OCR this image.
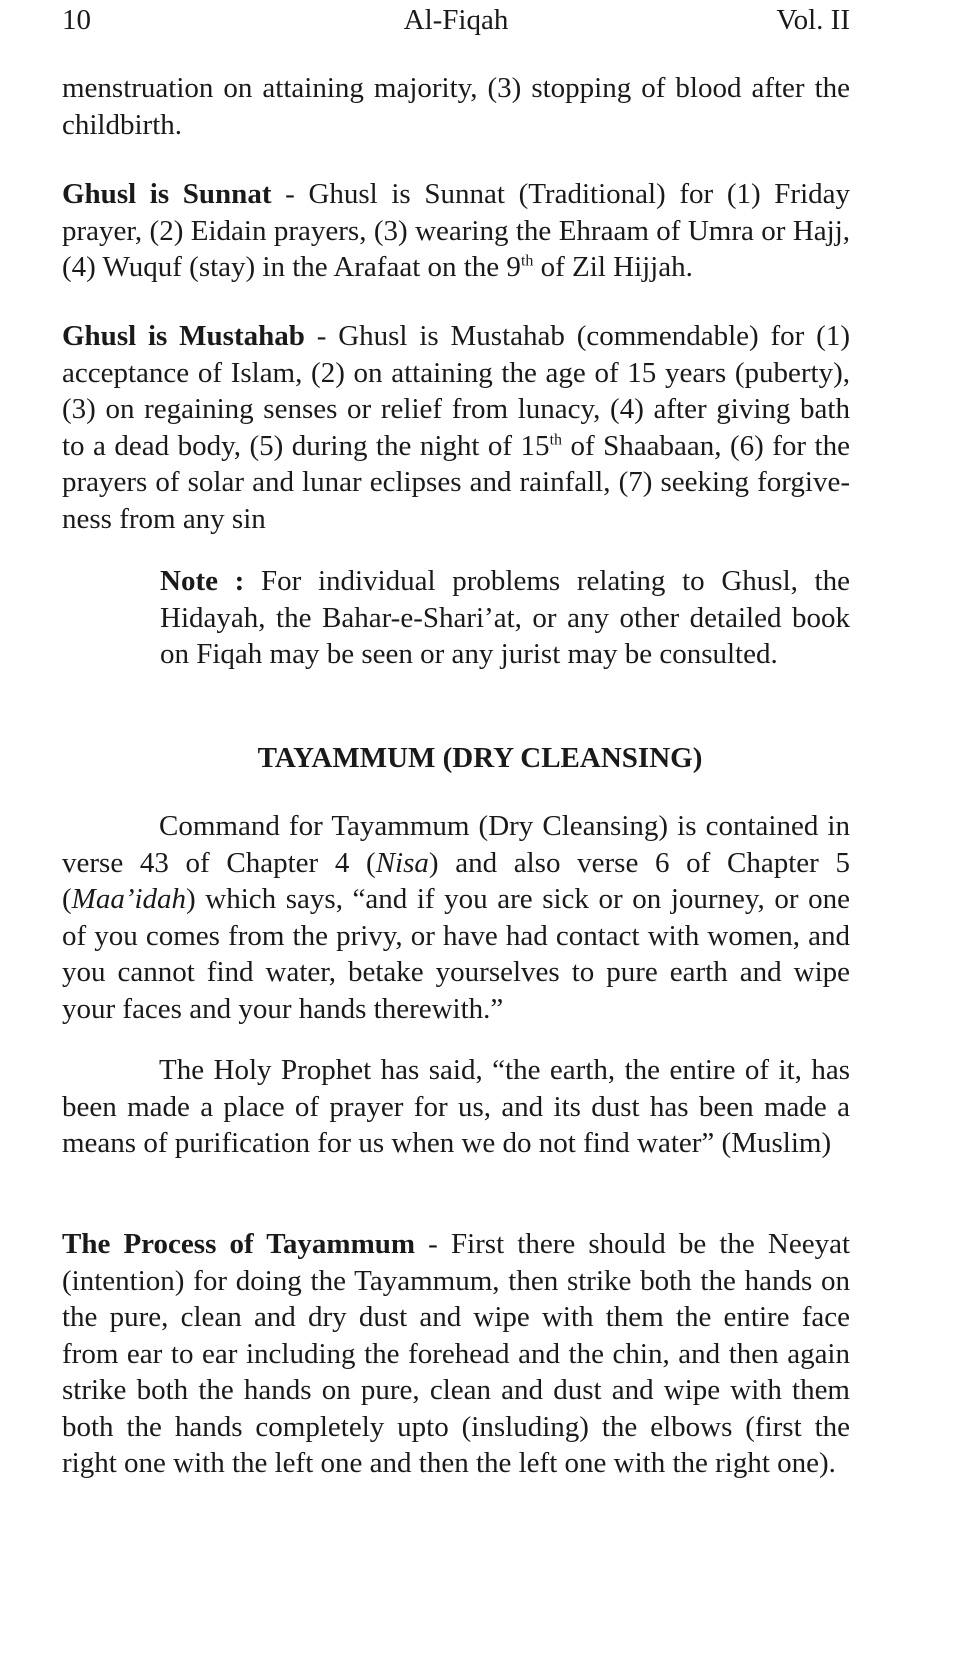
Al-Fiqah
10	Vol. II

menstruation on attaining majority, (3) stopping of blood after the childbirth.

Ghusl is Sunnat - Ghusl is Sunnat (Traditional) for (1) Friday prayer, (2) Eidain prayers, (3) wearing the Ehraam of Umra or Hajj, (4) Wuquf (stay) in the Arafaat on the 9th of Zil Hijjah.

Ghusl is Mustahab - Ghusl is Mustahab (commendable) for (1) acceptance of Islam, (2) on attaining the age of 15 years (puberty), (3) on regaining senses or relief from lunacy, (4) after giving bath to a dead body, (5) during the night of 15th of Shaabaan, (6) for the prayers of solar and lunar eclipses and rainfall, (7) seeking forgive-ness from any sin

Note : For individual problems relating to Ghusl, the Hidayah, the Bahar-e-Shari’at, or any other detailed book on Fiqah may be seen or any jurist may be consulted.

TAYAMMUM (DRY CLEANSING)

Command for Tayammum (Dry Cleansing) is contained in verse 43 of Chapter 4 (Nisa) and also verse 6 of Chapter 5 (Maa’idah) which says, “and if you are sick or on journey, or one of you comes from the privy, or have had contact with women, and you cannot find water, betake yourselves to pure earth and wipe your faces and your hands therewith.”

The Holy Prophet has said, “the earth, the entire of it, has been made a place of prayer for us, and its dust has been made a means of purification for us when we do not find water” (Muslim)

The Process of Tayammum - First there should be the Neeyat (intention) for doing the Tayammum, then strike both the hands on the pure, clean and dry dust and wipe with them the entire face from ear to ear including the forehead and the chin, and then again strike both the hands on pure, clean and dust and wipe with them both the hands completely upto (insluding) the elbows (first the right one with the left one and then the left one with the right one).
